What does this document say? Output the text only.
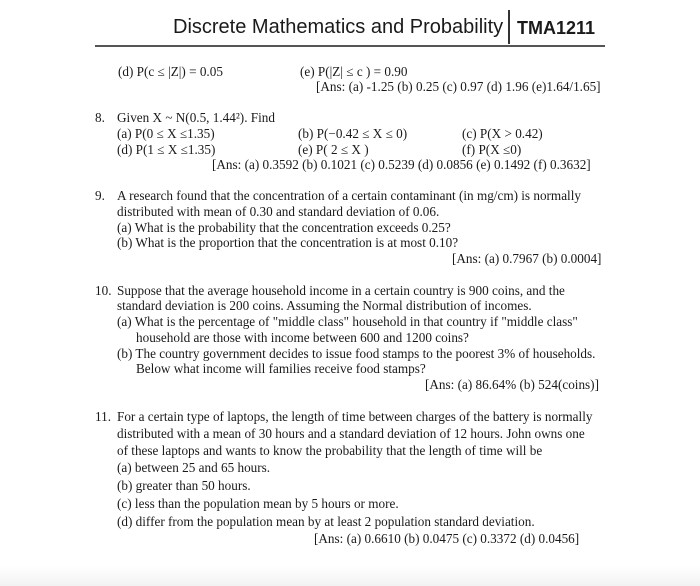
Discrete Mathematics and Probability TMA1211
(d) P(c ≤ |Z|) = 0.05	(e) P(|Z| ≤ c ) = 0.90
[Ans: (a) -1.25 (b) 0.25 (c) 0.97 (d) 1.96 (e)1.64/1.65]
8. Given X ~ N(0.5, 1.44²). Find
(a) P(0 ≤ X ≤1.35)	(b) P(−0.42 ≤ X ≤ 0)	(c) P(X > 0.42)
(d) P(1 ≤ X ≤1.35)	(e) P( 2 ≤ X )	(f) P(X ≤0)
[Ans: (a) 0.3592 (b) 0.1021 (c) 0.5239 (d) 0.0856 (e) 0.1492 (f) 0.3632]
9. A research found that the concentration of a certain contaminant (in mg/cm) is normally
distributed with mean of 0.30 and standard deviation of 0.06.
(a) What is the probability that the concentration exceeds 0.25?
(b) What is the proportion that the concentration is at most 0.10?
[Ans: (a) 0.7967 (b) 0.0004]
10. Suppose that the average household income in a certain country is 900 coins, and the
standard deviation is 200 coins. Assuming the Normal distribution of incomes.
(a) What is the percentage of "middle class" household in that country if "middle class"
household are those with income between 600 and 1200 coins?
(b) The country government decides to issue food stamps to the poorest 3% of households.
Below what income will families receive food stamps?
[Ans: (a) 86.64% (b) 524(coins)]
11. For a certain type of laptops, the length of time between charges of the battery is normally
distributed with a mean of 30 hours and a standard deviation of 12 hours. John owns one
of these laptops and wants to know the probability that the length of time will be
(a) between 25 and 65 hours.
(b) greater than 50 hours.
(c) less than the population mean by 5 hours or more.
(d) differ from the population mean by at least 2 population standard deviation.
[Ans: (a) 0.6610 (b) 0.0475 (c) 0.3372 (d) 0.0456]
